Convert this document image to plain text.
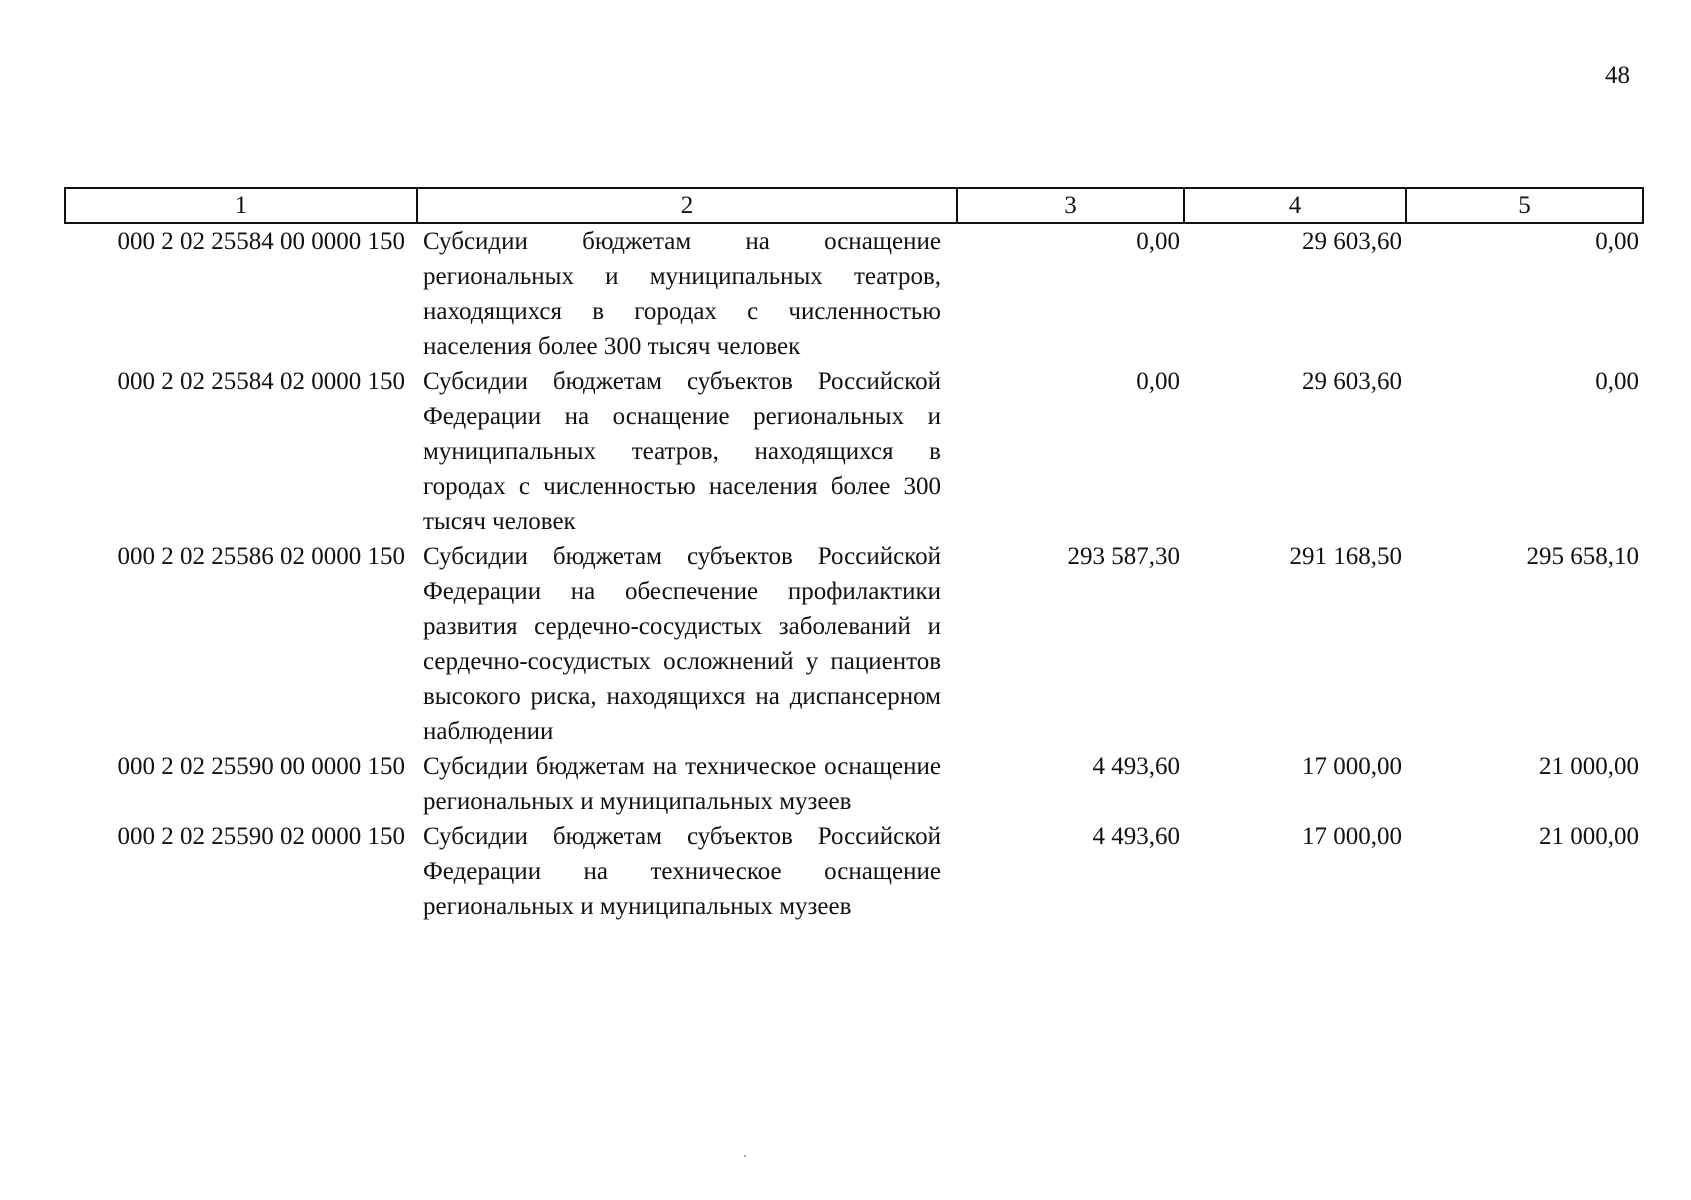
48
1	2	3	4	5
000 2 02 25584 00 0000 150	Субсидии бюджетам на оснащение региональных и муниципальных театров, находящихся в городах с численностью населения более 300 тысяч человек	0,00	29 603,60	0,00
000 2 02 25584 02 0000 150	Субсидии бюджетам субъектов Российской Федерации на оснащение региональных и муниципальных театров, находящихся в городах с численностью населения более 300 тысяч человек	0,00	29 603,60	0,00
000 2 02 25586 02 0000 150	Субсидии бюджетам субъектов Российской Федерации на обеспечение профилактики развития сердечно-сосудистых заболеваний и сердечно-сосудистых осложнений у пациентов высокого риска, находящихся на диспансерном наблюдении	293 587,30	291 168,50	295 658,10
000 2 02 25590 00 0000 150	Субсидии бюджетам на техническое оснащение региональных и муниципальных музеев	4 493,60	17 000,00	21 000,00
000 2 02 25590 02 0000 150	Субсидии бюджетам субъектов Российской Федерации на техническое оснащение региональных и муниципальных музеев	4 493,60	17 000,00	21 000,00
